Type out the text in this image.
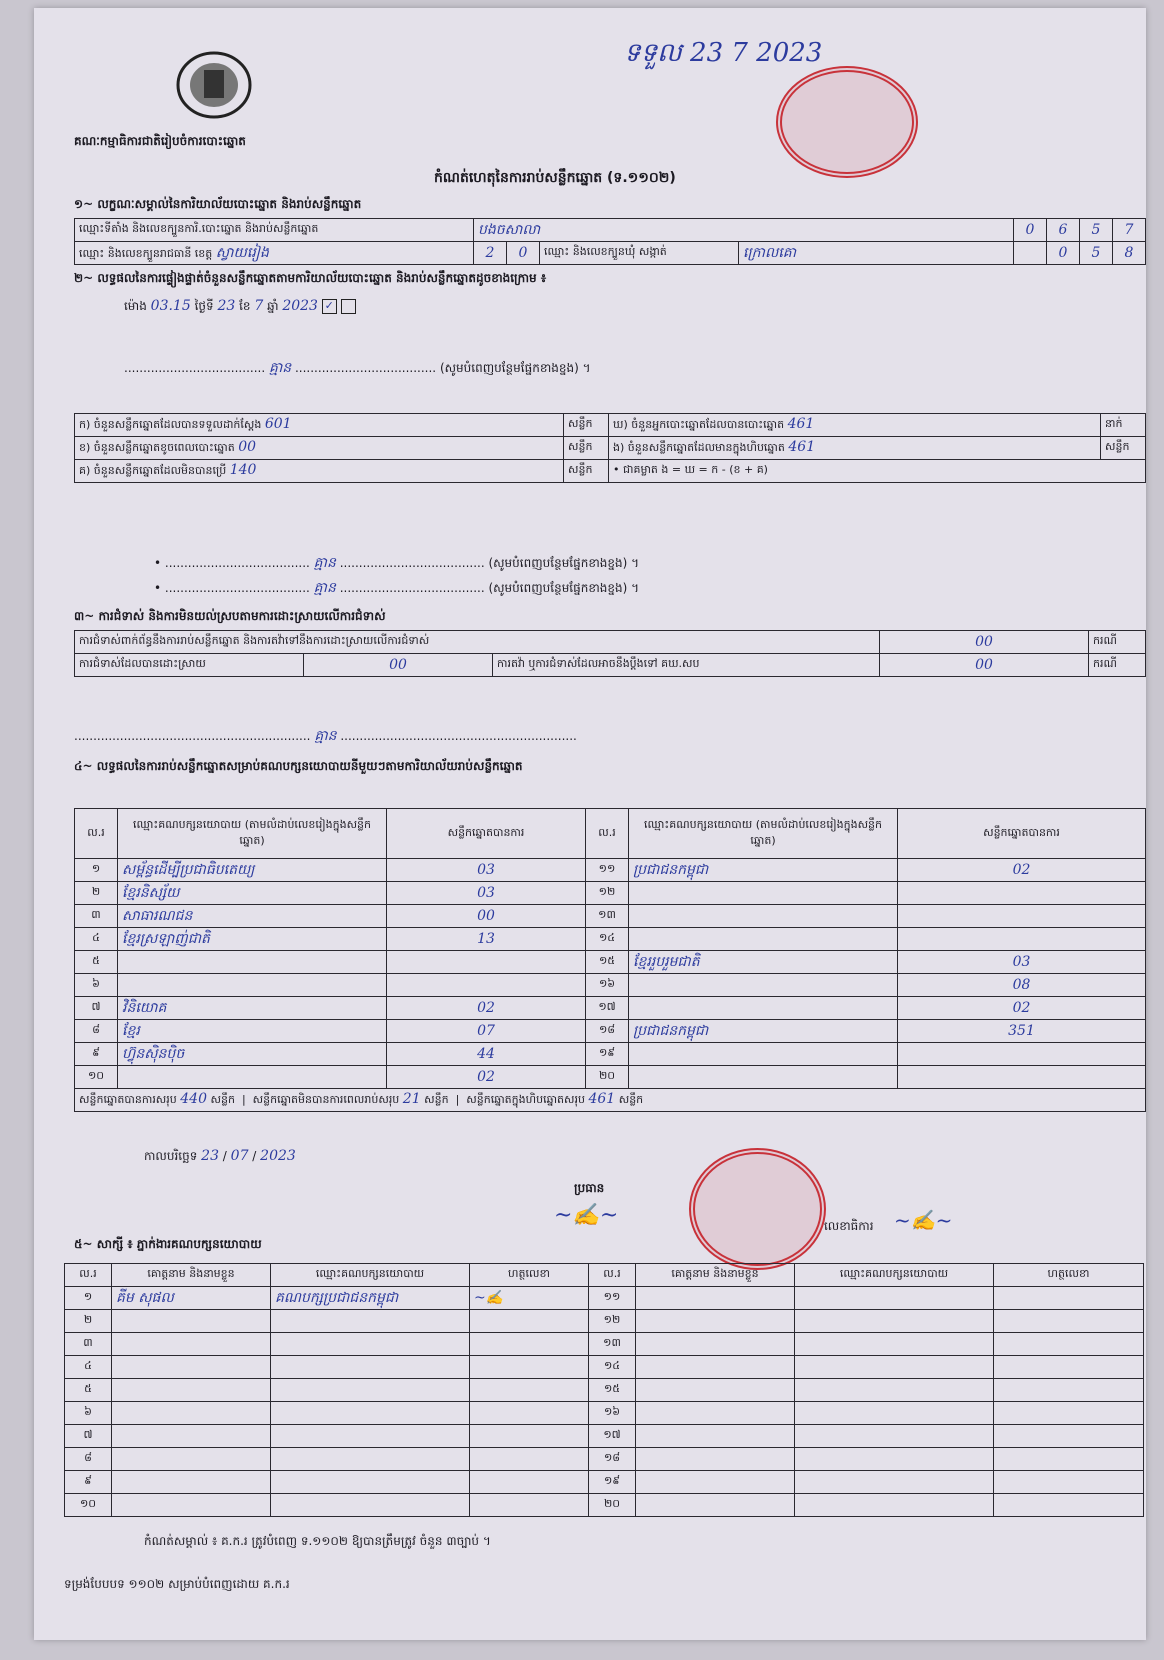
គណៈកម្មាធិការជាតិរៀបចំការបោះឆ្នោត
ទទួល 23 7 2023
កំណត់ហេតុនៃការរាប់សន្លឹកឆ្នោត (ទ.១១០២)
១~ លក្ខណៈសម្គាល់នៃការិយាល័យបោះឆ្នោត និងរាប់សន្លឹកឆ្នោត
ឈ្មោះទីតាំង និងលេខក្បួនការិ.បោះឆ្នោត និងរាប់សន្លឹកឆ្នោត	បងចសាលា				0	6	5	7
ឈ្មោះ និងលេខក្បួនរាជធានី ខេត្ត ស្វាយរៀង	2	0	ឈ្មោះ និងលេខក្បួនឃុំ សង្កាត់	ក្រោលគោ		0	5	8
២~ លទ្ធផលនៃការផ្ទៀងផ្ទាត់ចំនួនសន្លឹកឆ្នោតតាមការិយាល័យបោះឆ្នោត និងរាប់សន្លឹកឆ្នោតដូចខាងក្រោម ៖
ម៉ោង 03.15 ថ្ងៃទី 23 ខែ 7 ឆ្នាំ 2023 ✓
..................................... គ្មាន ..................................... (សូមបំពេញបន្ថែមផ្នែកខាងខ្នង) ។
ក) ចំនួនសន្លឹកឆ្នោតដែលបានទទួលដាក់ស្ដែង 601	សន្លឹក	ឃ) ចំនួនអ្នកបោះឆ្នោតដែលបានបោះឆ្នោត 461	នាក់
ខ) ចំនួនសន្លឹកឆ្នោតខូចពេលបោះឆ្នោត 00	សន្លឹក	ង) ចំនួនសន្លឹកឆ្នោតដែលមានក្នុងហិបឆ្នោត 461	សន្លឹក
គ) ចំនួនសន្លឹកឆ្នោតដែលមិនបានប្រើ 140	សន្លឹក	• ជាគម្លាត ង = ឃ = ក - (ខ + គ)	
• ...................................... គ្មាន ...................................... (សូមបំពេញបន្ថែមផ្នែកខាងខ្នង) ។
• ...................................... គ្មាន ...................................... (សូមបំពេញបន្ថែមផ្នែកខាងខ្នង) ។
៣~ ការជំទាស់ និងការមិនយល់ស្របតាមការដោះស្រាយលើការជំទាស់
ការជំទាស់ពាក់ព័ន្ធនឹងការរាប់សន្លឹកឆ្នោត និងការតវ៉ាទៅនឹងការដោះស្រាយលើការជំទាស់			00	ករណី
ការជំទាស់ដែលបានដោះស្រាយ	00	ការតវ៉ា ឬការជំទាស់ដែលអាចនឹងប្ដឹងទៅ គឃ.សប	00	ករណី
.............................................................. គ្មាន ..............................................................
៤~ លទ្ធផលនៃការរាប់សន្លឹកឆ្នោតសម្រាប់គណបក្សនយោបាយនីមួយៗតាមការិយាល័យរាប់សន្លឹកឆ្នោត
ល.រ	ឈ្មោះគណបក្សនយោបាយ (តាមលំដាប់លេខរៀងក្នុងសន្លឹកឆ្នោត)	សន្លឹកឆ្នោតបានការ	ល.រ	ឈ្មោះគណបក្សនយោបាយ (តាមលំដាប់លេខរៀងក្នុងសន្លឹកឆ្នោត)	សន្លឹកឆ្នោតបានការ
១	សម្ព័ន្ធដើម្បីប្រជាធិបតេយ្យ	03	១១	ប្រជាជនកម្ពុជា	02
២	ខ្មែរនិស្ស័យ	03	១២		
៣	សាធារណជន	00	១៣		
៤	ខ្មែរស្រឡាញ់ជាតិ	13	១៤		
៥			១៥	ខ្មែររួបរួមជាតិ	03
៦			១៦		08
៧	វិនិយោគ	02	១៧		02
៨	ខ្មែរ	07	១៨	ប្រជាជនកម្ពុជា	351
៩	ហ៊្វុនស៊ិនប៉ិច	44	១៩		
១០		02	២០		
សន្លឹកឆ្នោតបានការសរុប 440 សន្លឹក  |  សន្លឹកឆ្នោតមិនបានការពេលរាប់សរុប 21 សន្លឹក  |  សន្លឹកឆ្នោតក្នុងហិបឆ្នោតសរុប 461 សន្លឹក					
កាលបរិច្ឆេទ 23 / 07 / 2023
ប្រធាន
~✍~	លេខាធិការ ~✍~
៥~ សាក្សី ៖ ភ្នាក់ងារគណបក្សនយោបាយ
ល.រ	គោត្តនាម និងនាមខ្លួន	ឈ្មោះគណបក្សនយោបាយ	ហត្ថលេខា	ល.រ	គោត្តនាម និងនាមខ្លួន	ឈ្មោះគណបក្សនយោបាយ	ហត្ថលេខា
១	គីម សុផល	គណបក្សប្រជាជនកម្ពុជា	~✍	១១			
២				១២			
៣				១៣			
៤				១៤			
៥				១៥			
៦				១៦			
៧				១៧			
៨				១៨			
៩				១៩			
១០				២០			
កំណត់សម្គាល់ ៖ គ.ក.រ ត្រូវបំពេញ ទ.១១០២ ឱ្យបានត្រឹមត្រូវ ចំនួន ៣ច្បាប់ ។
ទម្រង់បែបបទ ១១០២ សម្រាប់បំពេញដោយ គ.ក.រ
